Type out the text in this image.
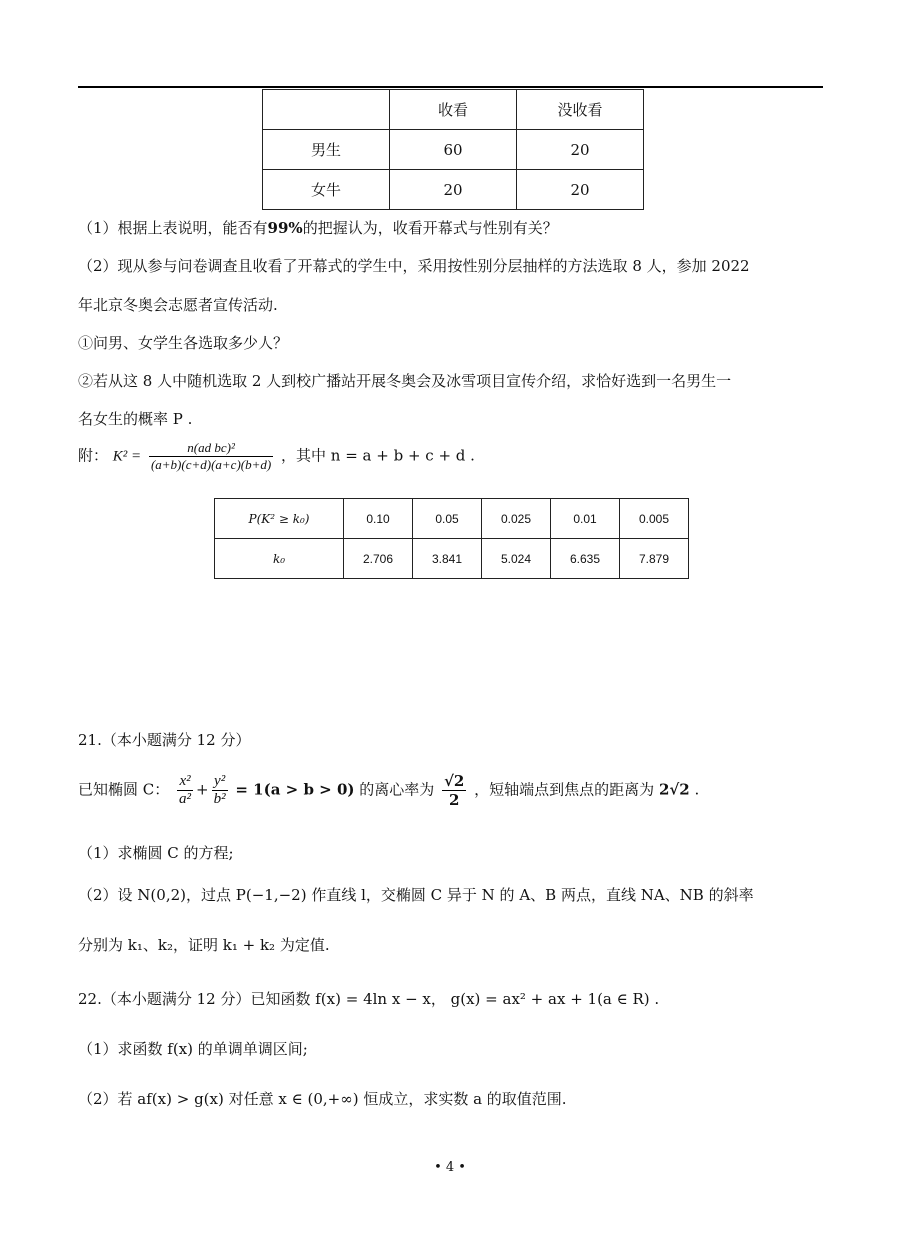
	收看	没收看
男生	60	20
女牛	20	20
（1）根据上表说明，能否有99%的把握认为，收看开幕式与性别有关？
（2）现从参与问卷调查且收看了开幕式的学生中，采用按性别分层抽样的方法选取 8 人，参加 2022
年北京冬奥会志愿者宣传活动.
①问男、女学生各选取多少人？
②若从这 8 人中随机选取 2 人到校广播站开展冬奥会及冰雪项目宣传介绍，求恰好选到一名男生一
名女生的概率 P .
附： $K^2 = \frac{\text{n(ad bc)²}}{(a+b)(c+d)(a+c)(b+d)}$ ，其中 n = a + b + c + d .
P(K² ≥ k₀)	0.10	0.05	0.025	0.01	0.005
k₀	2.706	3.841	5.024	6.635	7.879
21.（本小题满分 12 分）
已知椭圆 C： $\frac{\text{x²}}{\text{a²}} + \frac{\text{y²}}{\text{b²}} = 1(a > b > 0)$ 的离心率为 $\frac{√2}{2}$ ，短轴端点到焦点的距离为 2√2 .
（1）求椭圆 C 的方程;
（2）设 N(0,2)，过点 P(−1,−2) 作直线 l，交椭圆 C 异于 N 的 A、B 两点，直线 NA、NB 的斜率
分别为 k₁、k₂，证明 k₁ + k₂ 为定值.
22.（本小题满分 12 分）已知函数 f(x) = 4ln x − x， g(x) = ax² + ax + 1(a ∈ R) .
（1）求函数 f(x) 的单调单调区间;
（2）若 af(x) > g(x) 对任意 x ∈ (0,+∞) 恒成立，求实数 a 的取值范围.
• 4 •
